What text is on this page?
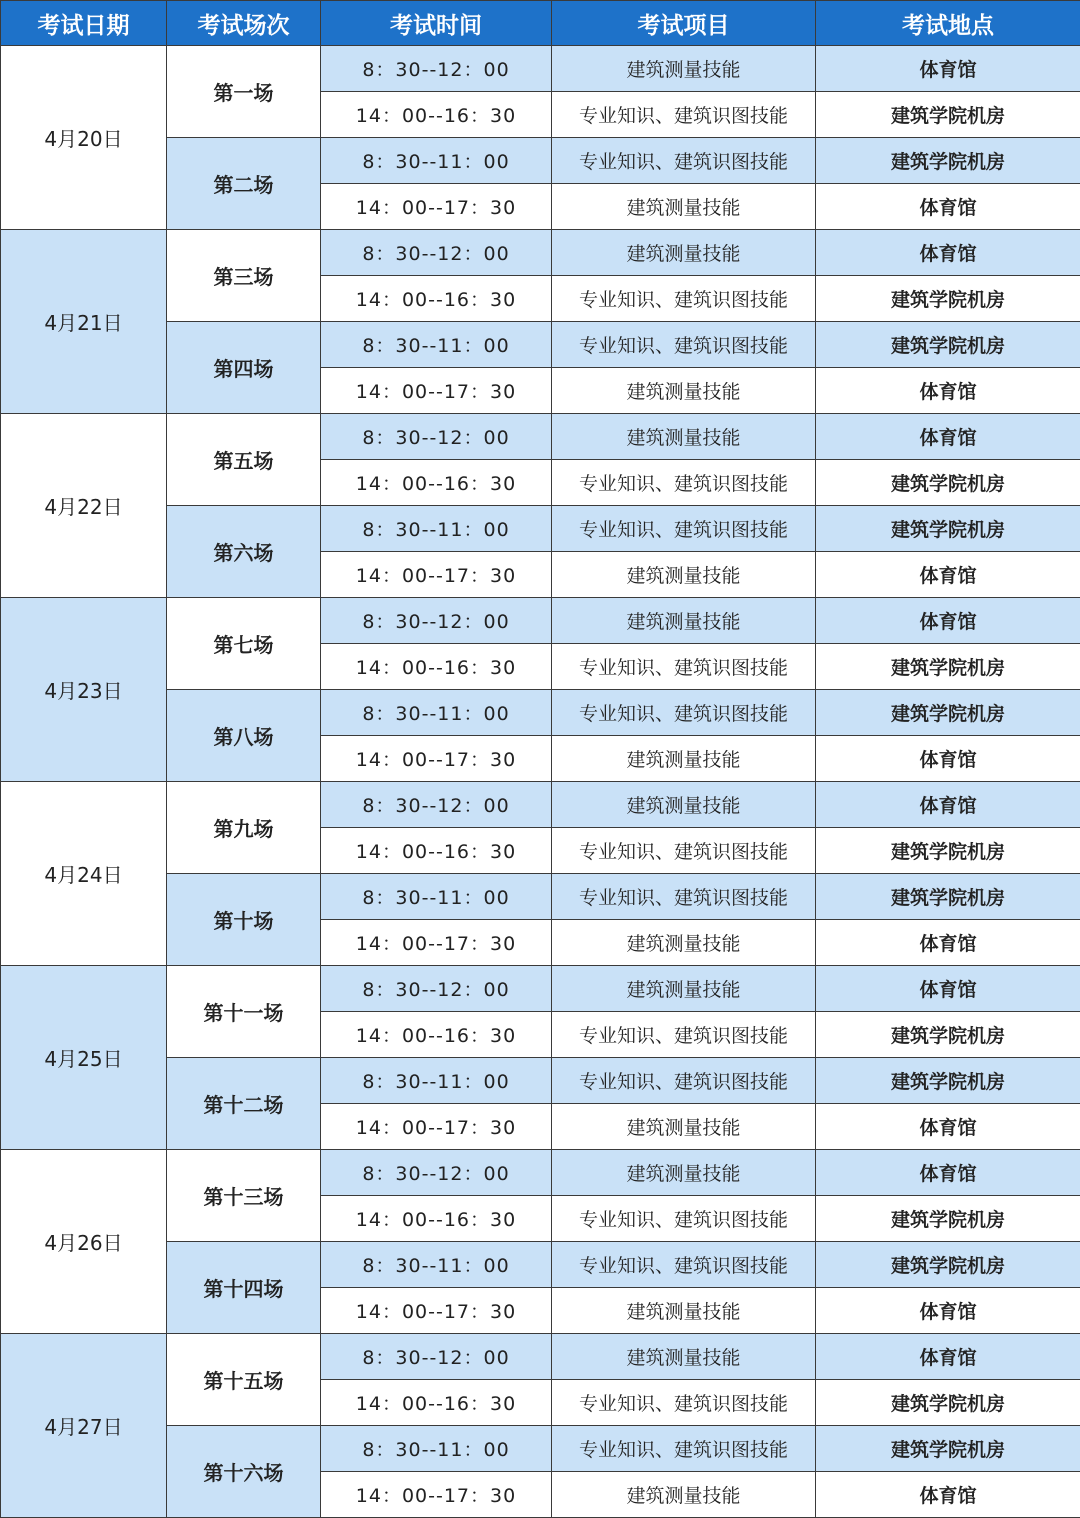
考试日期	考试场次	考试时间	考试项目	考试地点
4月20日	第一场	8：30--12：00	建筑测量技能	体育馆
		14：00--16：30	专业知识、建筑识图技能	建筑学院机房
	第二场	8：30--11：00	专业知识、建筑识图技能	建筑学院机房
		14：00--17：30	建筑测量技能	体育馆
4月21日	第三场	8：30--12：00	建筑测量技能	体育馆
		14：00--16：30	专业知识、建筑识图技能	建筑学院机房
	第四场	8：30--11：00	专业知识、建筑识图技能	建筑学院机房
		14：00--17：30	建筑测量技能	体育馆
4月22日	第五场	8：30--12：00	建筑测量技能	体育馆
		14：00--16：30	专业知识、建筑识图技能	建筑学院机房
	第六场	8：30--11：00	专业知识、建筑识图技能	建筑学院机房
		14：00--17：30	建筑测量技能	体育馆
4月23日	第七场	8：30--12：00	建筑测量技能	体育馆
		14：00--16：30	专业知识、建筑识图技能	建筑学院机房
	第八场	8：30--11：00	专业知识、建筑识图技能	建筑学院机房
		14：00--17：30	建筑测量技能	体育馆
4月24日	第九场	8：30--12：00	建筑测量技能	体育馆
		14：00--16：30	专业知识、建筑识图技能	建筑学院机房
	第十场	8：30--11：00	专业知识、建筑识图技能	建筑学院机房
		14：00--17：30	建筑测量技能	体育馆
4月25日	第十一场	8：30--12：00	建筑测量技能	体育馆
		14：00--16：30	专业知识、建筑识图技能	建筑学院机房
	第十二场	8：30--11：00	专业知识、建筑识图技能	建筑学院机房
		14：00--17：30	建筑测量技能	体育馆
4月26日	第十三场	8：30--12：00	建筑测量技能	体育馆
		14：00--16：30	专业知识、建筑识图技能	建筑学院机房
	第十四场	8：30--11：00	专业知识、建筑识图技能	建筑学院机房
		14：00--17：30	建筑测量技能	体育馆
4月27日	第十五场	8：30--12：00	建筑测量技能	体育馆
		14：00--16：30	专业知识、建筑识图技能	建筑学院机房
	第十六场	8：30--11：00	专业知识、建筑识图技能	建筑学院机房
		14：00--17：30	建筑测量技能	体育馆
